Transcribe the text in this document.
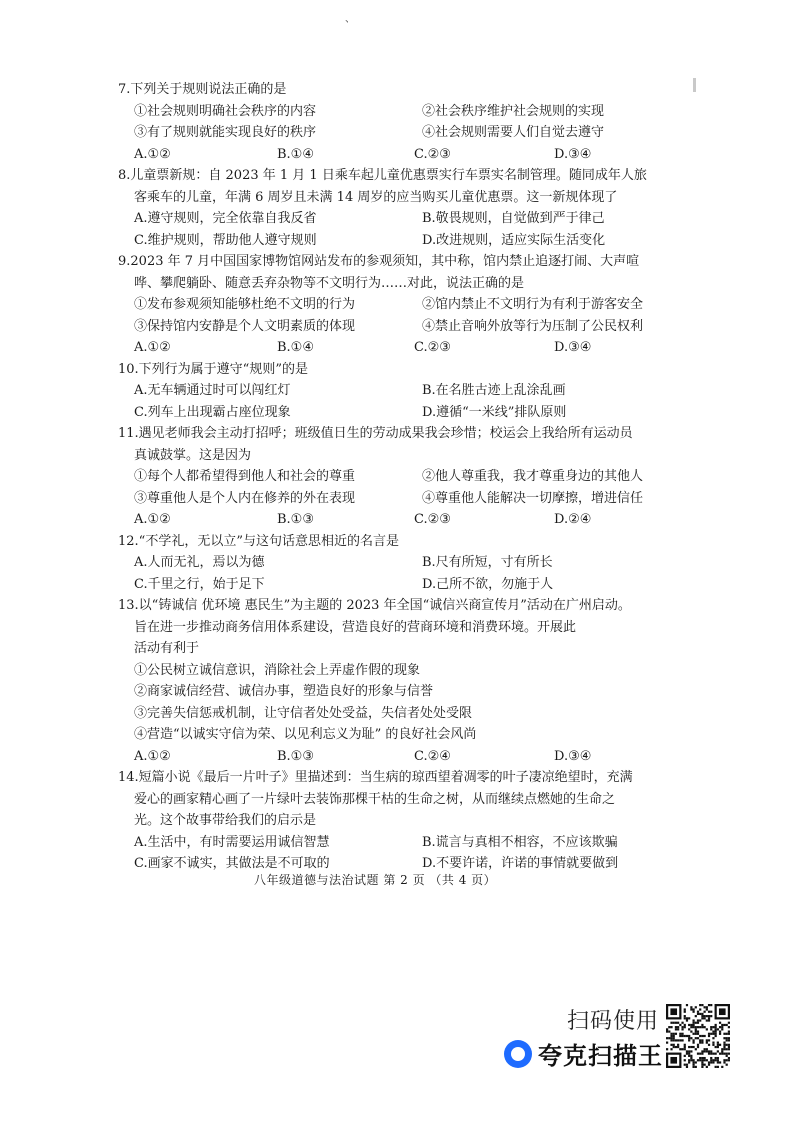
、
7.下列关于规则说法正确的是
①社会规则明确社会秩序的内容	②社会秩序维护社会规则的实现
③有了规则就能实现良好的秩序	④社会规则需要人们自觉去遵守
A.①②	B.①④	C.②③	D.③④
8.儿童票新规：自 2023 年 1 月 1 日乘车起儿童优惠票实行车票实名制管理。随同成年人旅
客乘车的儿童，年满 6 周岁且未满 14 周岁的应当购买儿童优惠票。这一新规体现了
A.遵守规则，完全依靠自我反省	B.敬畏规则，自觉做到严于律己
C.维护规则，帮助他人遵守规则	D.改进规则，适应实际生活变化
9.2023 年 7 月中国国家博物馆网站发布的参观须知，其中称，馆内禁止追逐打闹、大声喧
哗、攀爬躺卧、随意丢弃杂物等不文明行为……对此，说法正确的是
①发布参观须知能够杜绝不文明的行为	②馆内禁止不文明行为有利于游客安全
③保持馆内安静是个人文明素质的体现	④禁止音响外放等行为压制了公民权利
A.①②	B.①④	C.②③	D.③④
10.下列行为属于遵守“规则”的是
A.无车辆通过时可以闯红灯	B.在名胜古迹上乱涂乱画
C.列车上出现霸占座位现象	D.遵循“一米线”排队原则
11.遇见老师我会主动打招呼；班级值日生的劳动成果我会珍惜；校运会上我给所有运动员
真诚鼓掌。这是因为
①每个人都希望得到他人和社会的尊重	②他人尊重我，我才尊重身边的其他人
③尊重他人是个人内在修养的外在表现	④尊重他人能解决一切摩擦，增进信任
A.①②	B.①③	C.②③	D.②④
12.“不学礼，无以立”与这句话意思相近的名言是
A.人而无礼，焉以为德	B.尺有所短，寸有所长
C.千里之行，始于足下	D.己所不欲，勿施于人
13.以“铸诚信 优环境 惠民生”为主题的 2023 年全国“诚信兴商宣传月”活动在广州启动。
旨在进一步推动商务信用体系建设，营造良好的营商环境和消费环境。开展此
活动有利于
①公民树立诚信意识，消除社会上弄虚作假的现象
②商家诚信经营、诚信办事，塑造良好的形象与信誉
③完善失信惩戒机制，让守信者处处受益，失信者处处受限
④营造“以诚实守信为荣、以见利忘义为耻” 的良好社会风尚
A.①②	B.①③	C.②④	D.③④
14.短篇小说《最后一片叶子》里描述到：当生病的琼西望着凋零的叶子凄凉绝望时，充满
爱心的画家精心画了一片绿叶去装饰那棵干枯的生命之树，从而继续点燃她的生命之
光。这个故事带给我们的启示是
A.生活中，有时需要运用诚信智慧	B.谎言与真相不相容，不应该欺骗
C.画家不诚实，其做法是不可取的	D.不要许诺，许诺的事情就要做到
八年级道德与法治试题 第 2 页 （共 4 页）
扫码使用
夸克扫描王
